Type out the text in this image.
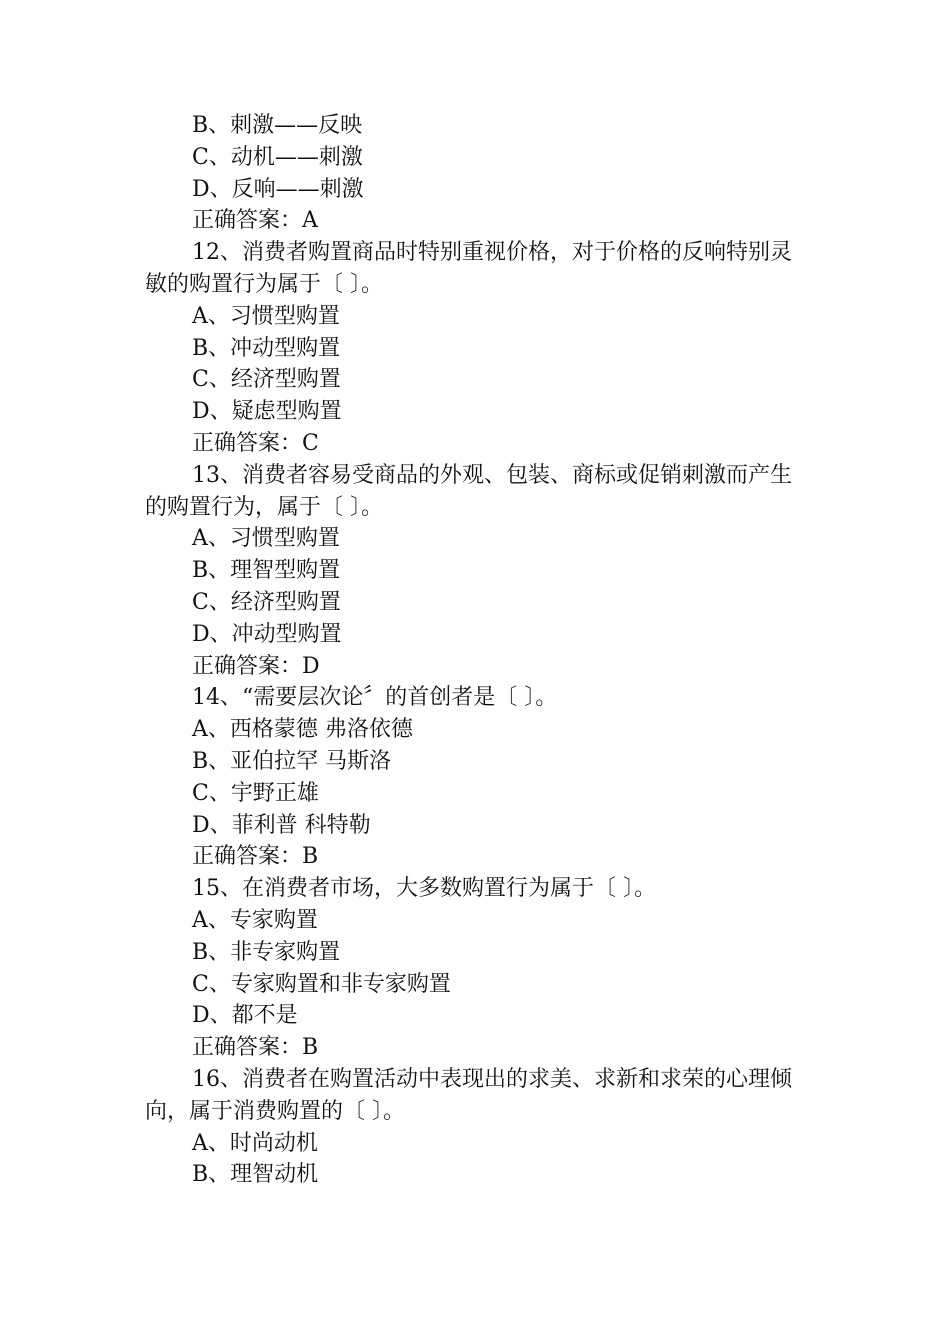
B、刺激——反映

C、动机——刺激

D、反响——刺激

正确答案：A

12、消费者购置商品时特别重视价格，对于价格的反响特别灵敏的购置行为属于〔 〕。

A、习惯型购置

B、冲动型购置

C、经济型购置

D、疑虑型购置

正确答案：C

13、消费者容易受商品的外观、包装、商标或促销刺激而产生的购置行为，属于〔 〕。

A、习惯型购置

B、理智型购置

C、经济型购置

D、冲动型购置

正确答案：D

14、“需要层次论〞的首创者是〔 〕。

A、西格蒙德 弗洛依德

B、亚伯拉罕 马斯洛

C、宇野正雄

D、菲利普 科特勒

正确答案：B

15、在消费者市场，大多数购置行为属于〔 〕。

A、专家购置

B、非专家购置

C、专家购置和非专家购置

D、都不是

正确答案：B

16、消费者在购置活动中表现出的求美、求新和求荣的心理倾向，属于消费购置的〔 〕。

A、时尚动机

B、理智动机
